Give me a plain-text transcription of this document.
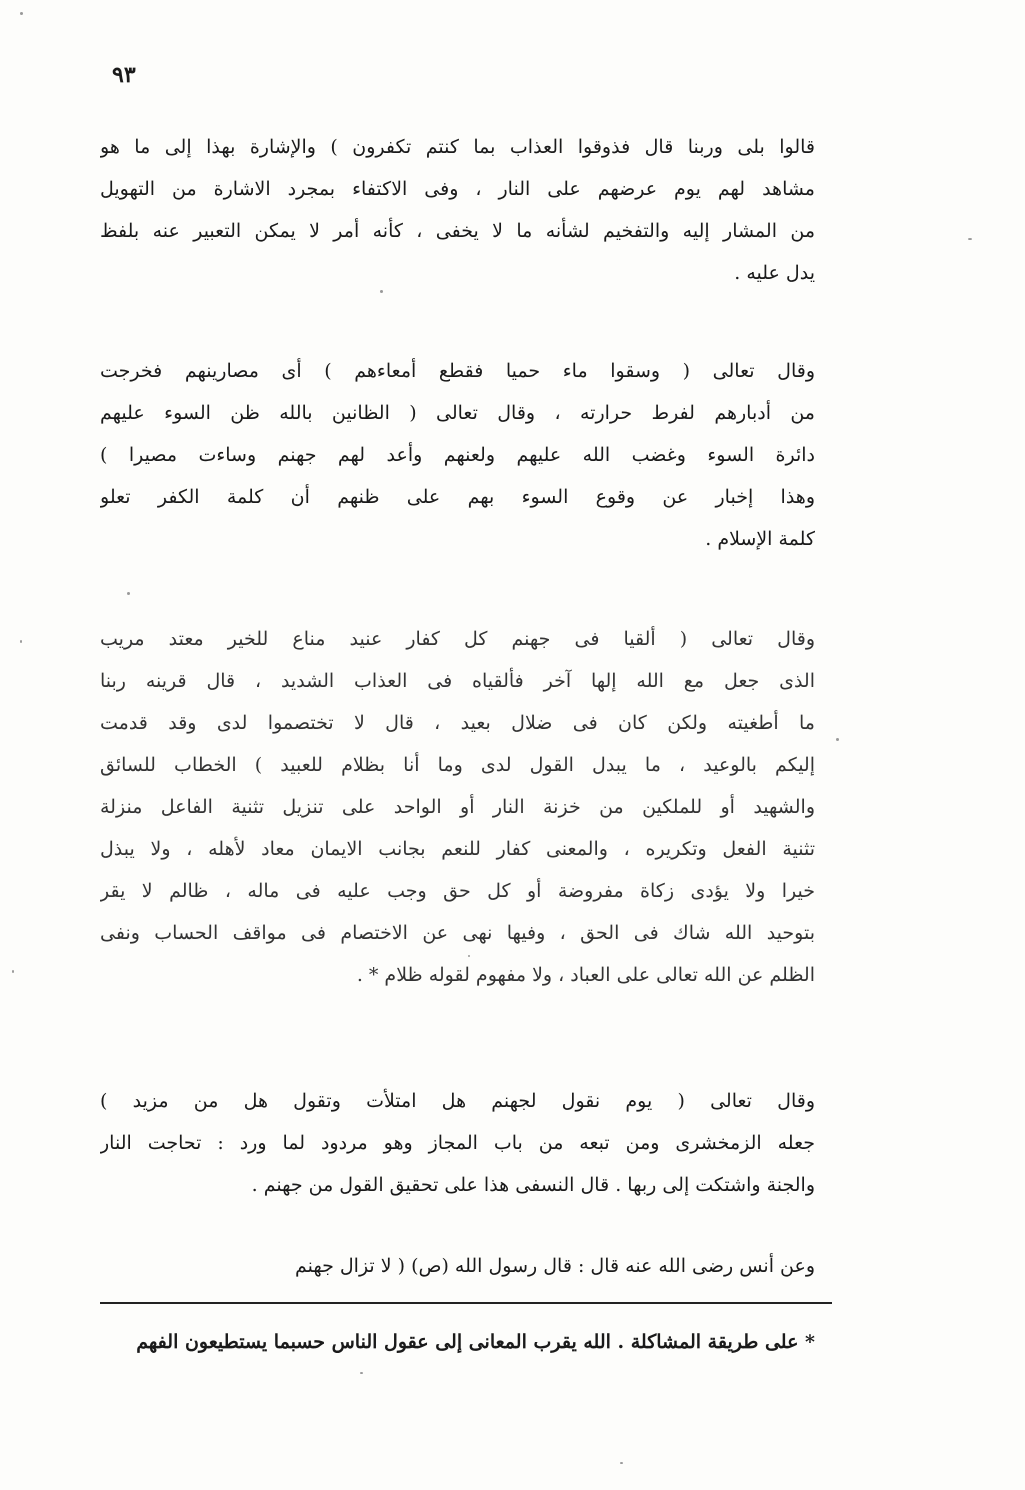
٩٣
قالوا بلى وربنا قال فذوقوا العذاب بما كنتم تكفرون ) والإشارة بهذا إلى ما هو
مشاهد لهم يوم عرضهم على النار ، وفى الاكتفاء بمجرد الاشارة من التهويل
من المشار إليه والتفخيم لشأنه ما لا يخفى ، كأنه أمر لا يمكن التعبير عنه بلفظ
يدل عليه .
وقال تعالى ( وسقوا ماء حميا فقطع أمعاءهم ) أى مصارينهم فخرجت
من أدبارهم لفرط حرارته ، وقال تعالى ( الظانين بالله ظن السوء عليهم
دائرة السوء وغضب الله عليهم ولعنهم وأعد لهم جهنم وساءت مصيرا )
وهذا إخبار عن وقوع السوء بهم على ظنهم أن كلمة الكفر تعلو
كلمة الإسلام .
وقال تعالى ( ألقيا فى جهنم كل كفار عنيد مناع للخير معتد مريب
الذى جعل مع الله إلها آخر فألقياه فى العذاب الشديد ، قال قرينه ربنا
ما أطغيته ولكن كان فى ضلال بعيد ، قال لا تختصموا لدى وقد قدمت
إليكم بالوعيد ، ما يبدل القول لدى وما أنا بظلام للعبيد ) الخطاب للسائق
والشهيد أو للملكين من خزنة النار أو الواحد على تنزيل تثنية الفاعل منزلة
تثنية الفعل وتكريره ، والمعنى كفار للنعم بجانب الايمان معاد لأهله ، ولا يبذل
خيرا ولا يؤدى زكاة مفروضة أو كل حق وجب عليه فى ماله ، ظالم لا يقر
بتوحيد الله شاك فى الحق ، وفيها نهى عن الاختصام فى مواقف الحساب ونفى
الظلم عن الله تعالى على العباد ، ولا مفهوم لقوله ظلام * .
وقال تعالى ( يوم نقول لجهنم هل امتلأت وتقول هل من مزيد )
جعله الزمخشرى ومن تبعه من باب المجاز وهو مردود لما ورد : تحاجت النار
والجنة واشتكت إلى ربها . قال النسفى هذا على تحقيق القول من جهنم .
وعن أنس رضى الله عنه قال : قال رسول الله (ص) ( لا تزال جهنم
* على طريقة المشاكلة . الله يقرب المعانى إلى عقول الناس حسبما يستطيعون الفهم
